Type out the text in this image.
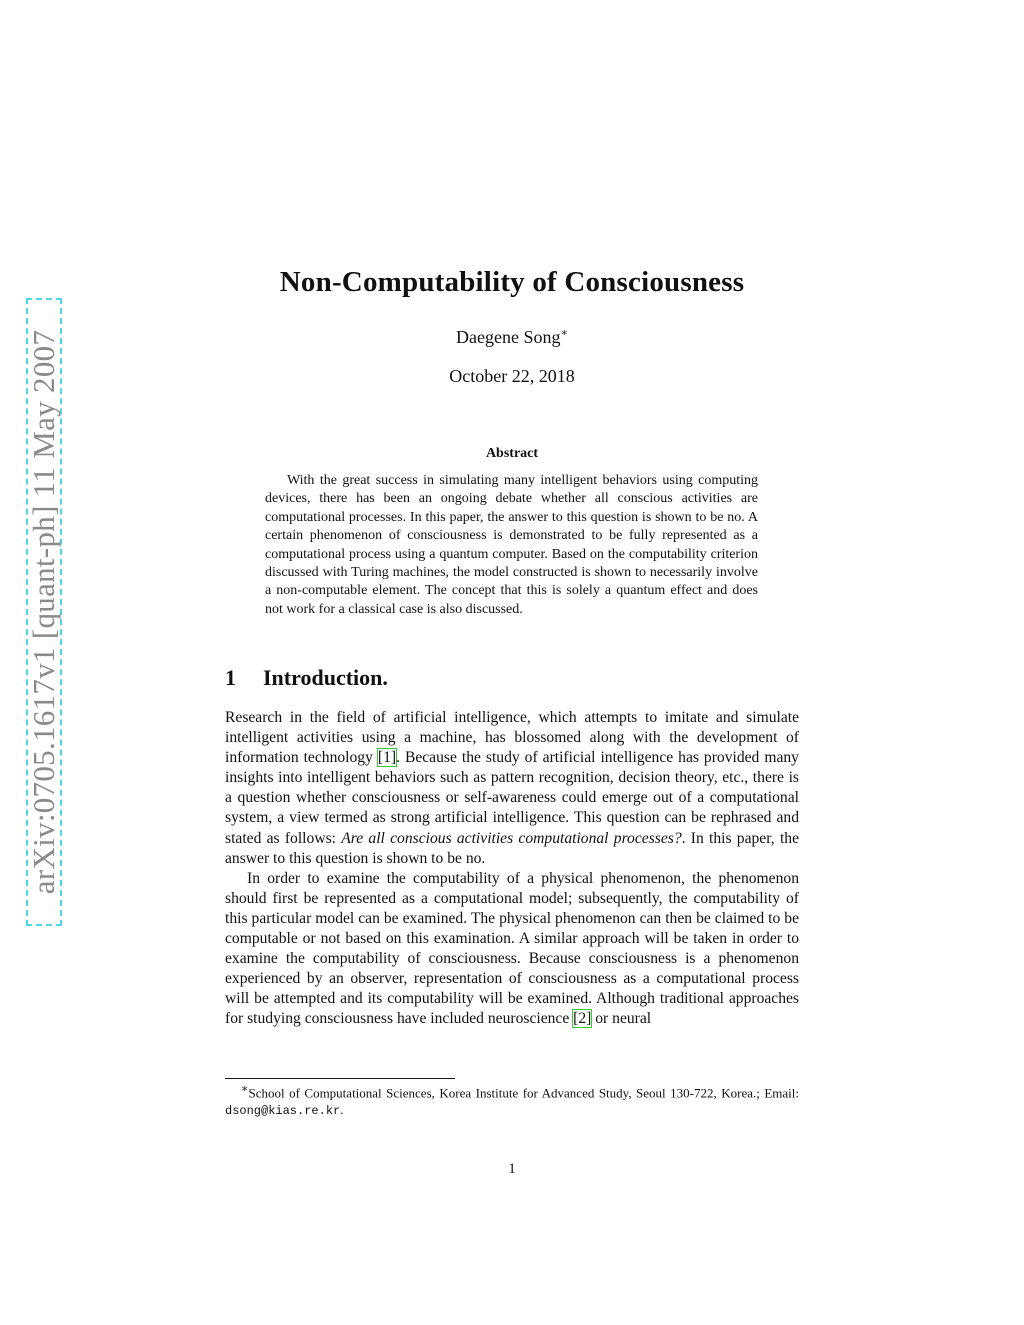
arXiv:0705.1617v1 [quant-ph] 11 May 2007
Non-Computability of Consciousness
Daegene Song∗
October 22, 2018
Abstract

With the great success in simulating many intelligent behaviors using computing devices, there has been an ongoing debate whether all conscious activities are computational processes. In this paper, the answer to this question is shown to be no. A certain phenomenon of consciousness is demonstrated to be fully represented as a computational process using a quantum computer. Based on the computability criterion discussed with Turing machines, the model constructed is shown to necessarily involve a non-computable element. The concept that this is solely a quantum effect and does not work for a classical case is also discussed.

1 Introduction.

Research in the field of artificial intelligence, which attempts to imitate and simulate intelligent activities using a machine, has blossomed along with the development of information technology [1]. Because the study of artificial intelligence has provided many insights into intelligent behaviors such as pattern recognition, decision theory, etc., there is a question whether consciousness or self-awareness could emerge out of a computational system, a view termed as strong artificial intelligence. This question can be rephrased and stated as follows: Are all conscious activities computational processes?. In this paper, the answer to this question is shown to be no.

In order to examine the computability of a physical phenomenon, the phenomenon should first be represented as a computational model; subsequently, the computability of this particular model can be examined. The physical phenomenon can then be claimed to be computable or not based on this examination. A similar approach will be taken in order to examine the computability of consciousness. Because consciousness is a phenomenon experienced by an observer, representation of consciousness as a computational process will be attempted and its computability will be examined. Although traditional approaches for studying consciousness have included neuroscience [2] or neural

∗School of Computational Sciences, Korea Institute for Advanced Study, Seoul 130-722, Korea.; Email: dsong@kias.re.kr.

1
